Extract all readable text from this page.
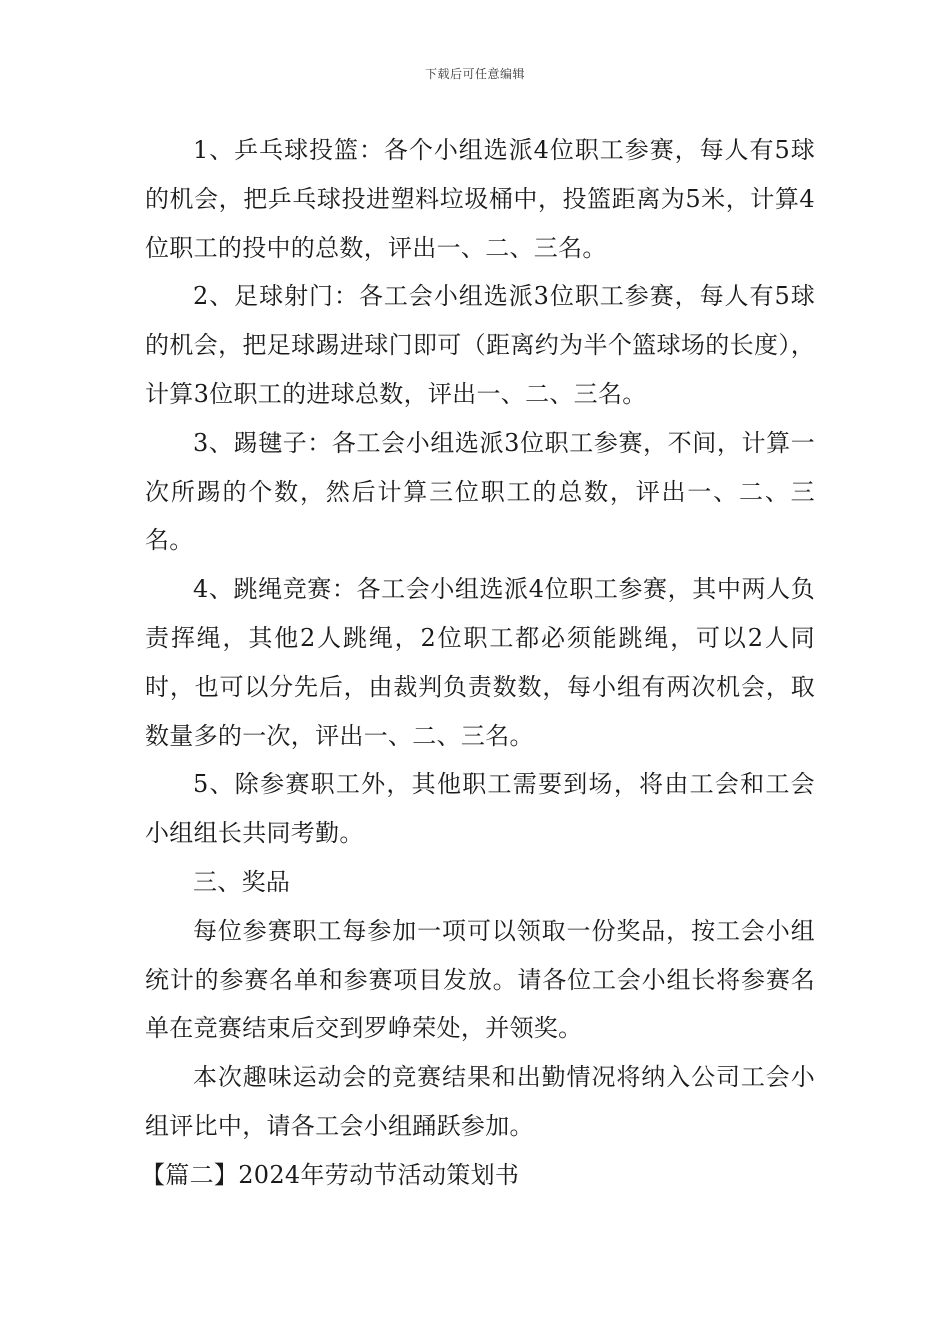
下载后可任意编辑

1、乒乓球投篮：各个小组选派4位职工参赛，每人有5球的机会，把乒乓球投进塑料垃圾桶中，投篮距离为5米，计算4位职工的投中的总数，评出一、二、三名。

2、足球射门：各工会小组选派3位职工参赛，每人有5球的机会，把足球踢进球门即可（距离约为半个篮球场的长度），计算3位职工的进球总数，评出一、二、三名。

3、踢毽子：各工会小组选派3位职工参赛，不间，计算一次所踢的个数，然后计算三位职工的总数，评出一、二、三名。

4、跳绳竞赛：各工会小组选派4位职工参赛，其中两人负责挥绳，其他2人跳绳，2位职工都必须能跳绳，可以2人同时，也可以分先后，由裁判负责数数，每小组有两次机会，取数量多的一次，评出一、二、三名。

5、除参赛职工外，其他职工需要到场，将由工会和工会小组组长共同考勤。

三、奖品

每位参赛职工每参加一项可以领取一份奖品，按工会小组统计的参赛名单和参赛项目发放。请各位工会小组长将参赛名单在竞赛结束后交到罗峥荣处，并领奖。

本次趣味运动会的竞赛结果和出勤情况将纳入公司工会小组评比中，请各工会小组踊跃参加。

【篇二】2024年劳动节活动策划书
